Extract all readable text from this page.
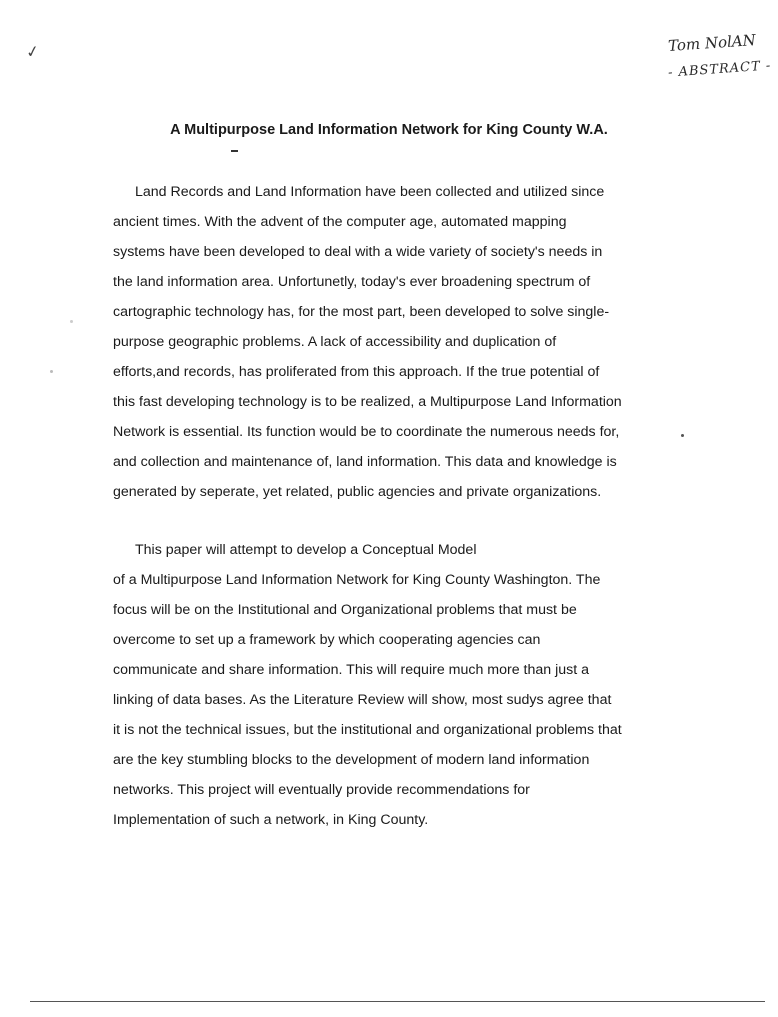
✓	Tom NolAN
- ABSTRACT -
A Multipurpose Land Information Network for King County W.A.
Land Records and Land Information have been collected and utilized since
ancient times. With the advent of the computer age, automated mapping
systems have been developed to deal with a wide variety of society's needs in
the land information area. Unfortunetly, today's ever broadening spectrum of
cartographic technology has, for the most part, been developed to solve single-
purpose geographic problems. A lack of accessibility and duplication of
efforts,and records, has proliferated from this approach. If the true potential of
this fast developing technology is to be realized, a Multipurpose Land Information
Network is essential. Its function would be to coordinate the numerous needs for,
and collection and maintenance of, land information. This data and knowledge is
generated by seperate, yet related, public agencies and private organizations.
This paper will attempt to develop a Conceptual Model
of a Multipurpose Land Information Network for King County Washington. The
focus will be on the Institutional and Organizational problems that must be
overcome to set up a framework by which cooperating agencies can
communicate and share information. This will require much more than just a
linking of data bases. As the Literature Review will show, most sudys agree that
it is not the technical issues, but the institutional and organizational problems that
are the key stumbling blocks to the development of modern land information
networks. This project will eventually provide recommendations for
Implementation of such a network, in King County.
